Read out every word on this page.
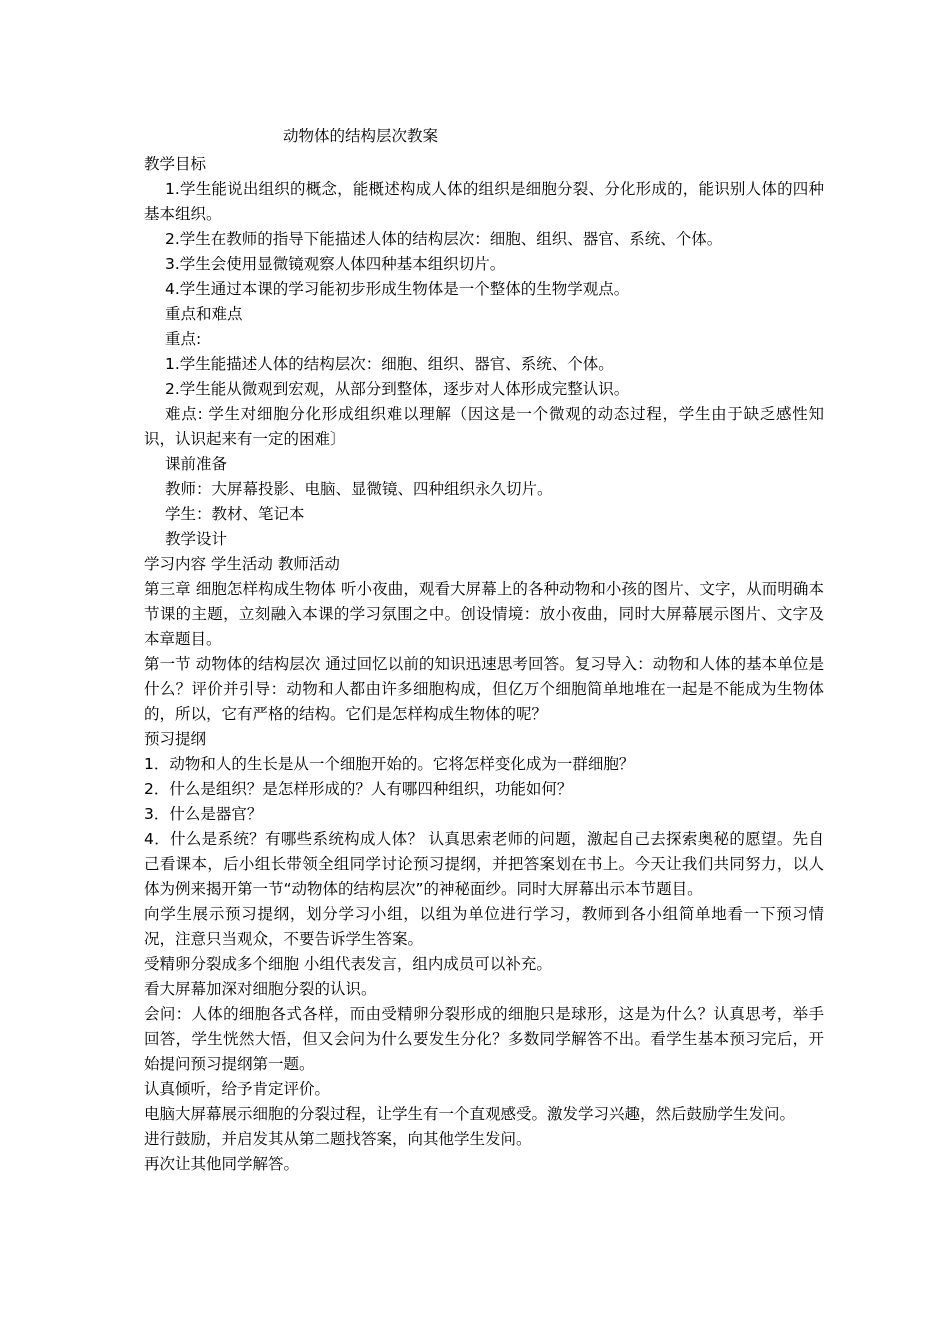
动物体的结构层次教案

教学目标

1.学生能说出组织的概念，能概述构成人体的组织是细胞分裂、分化形成的，能识别人体的四种基本组织。

2.学生在教师的指导下能描述人体的结构层次：细胞、组织、器官、系统、个体。

3.学生会使用显微镜观察人体四种基本组织切片。

4.学生通过本课的学习能初步形成生物体是一个整体的生物学观点。

重点和难点

重点:

1.学生能描述人体的结构层次：细胞、组织、器官、系统、个体。

2.学生能从微观到宏观，从部分到整体，逐步对人体形成完整认识。

难点: 学生对细胞分化形成组织难以理解（因这是一个微观的动态过程，学生由于缺乏感性知识，认识起来有一定的困难〕

课前准备

教师：大屏幕投影、电脑、显微镜、四种组织永久切片。

学生：教材、笔记本

教学设计

学习内容 学生活动 教师活动

第三章 细胞怎样构成生物体 听小夜曲，观看大屏幕上的各种动物和小孩的图片、文字，从而明确本节课的主题，立刻融入本课的学习氛围之中。创设情境：放小夜曲，同时大屏幕展示图片、文字及本章题目。

第一节 动物体的结构层次 通过回忆以前的知识迅速思考回答。复习导入：动物和人体的基本单位是什么？评价并引导：动物和人都由许多细胞构成，但亿万个细胞简单地堆在一起是不能成为生物体的，所以，它有严格的结构。它们是怎样构成生物体的呢？

预习提纲

1．动物和人的生长是从一个细胞开始的。它将怎样变化成为一群细胞？

2．什么是组织？是怎样形成的？人有哪四种组织，功能如何？

3．什么是器官？

4．什么是系统？有哪些系统构成人体？ 认真思索老师的问题，激起自己去探索奥秘的愿望。先自己看课本，后小组长带领全组同学讨论预习提纲，并把答案划在书上。今天让我们共同努力，以人体为例来揭开第一节“动物体的结构层次”的神秘面纱。同时大屏幕出示本节题目。

向学生展示预习提纲，划分学习小组，以组为单位进行学习，教师到各小组简单地看一下预习情况，注意只当观众，不要告诉学生答案。

受精卵分裂成多个细胞 小组代表发言，组内成员可以补充。

看大屏幕加深对细胞分裂的认识。

会问：人体的细胞各式各样，而由受精卵分裂形成的细胞只是球形，这是为什么？认真思考，举手回答，学生恍然大悟，但又会问为什么要发生分化？多数同学解答不出。看学生基本预习完后，开始提问预习提纲第一题。

认真倾听，给予肯定评价。

电脑大屏幕展示细胞的分裂过程，让学生有一个直观感受。激发学习兴趣，然后鼓励学生发问。

进行鼓励，并启发其从第二题找答案，向其他学生发问。

再次让其他同学解答。
